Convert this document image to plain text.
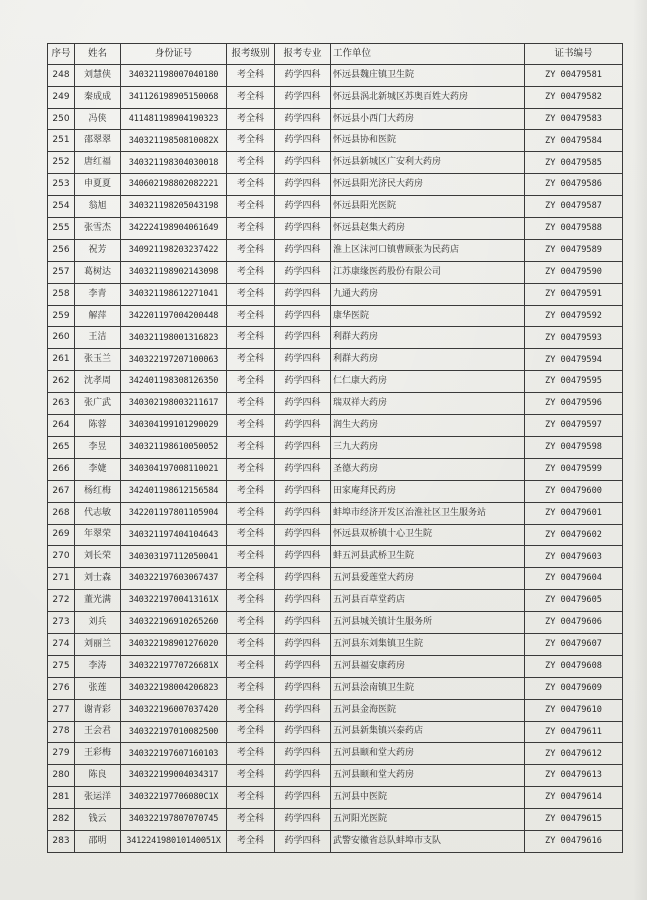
序号	姓名	身份证号	报考级别	报考专业	工作单位	证书编号
248	刘慧侠	340321198007040180	考全科	药学四科	怀远县魏庄镇卫生院	ZY 00479581
249	秦成成	341126198905150068	考全科	药学四科	怀远县涡北新城区苏奥百姓大药房	ZY 00479582
250	冯侠	411481198904190323	考全科	药学四科	怀远县小西门大药房	ZY 00479583
251	邵翠翠	34032119850810082X	考全科	药学四科	怀远县协和医院	ZY 00479584
252	唐红福	340321198304030018	考全科	药学四科	怀远县新城区广安利大药房	ZY 00479585
253	申夏夏	340602198802082221	考全科	药学四科	怀远县阳光济民大药房	ZY 00479586
254	翁旭	340321198205043198	考全科	药学四科	怀远县阳光医院	ZY 00479587
255	张雪杰	342224198904061649	考全科	药学四科	怀远县赵集大药房	ZY 00479588
256	祝芳	340921198203237422	考全科	药学四科	淮上区沫河口镇曹顾张为民药店	ZY 00479589
257	葛树达	340321198902143098	考全科	药学四科	江苏康缘医药股份有限公司	ZY 00479590
258	李青	340321198612271041	考全科	药学四科	九通大药房	ZY 00479591
259	解萍	342201197004200448	考全科	药学四科	康华医院	ZY 00479592
260	王洁	340321198001316823	考全科	药学四科	利群大药房	ZY 00479593
261	张玉兰	340322197207100063	考全科	药学四科	利群大药房	ZY 00479594
262	沈孝周	342401198308126350	考全科	药学四科	仁仁康大药房	ZY 00479595
263	张广武	340302198003211617	考全科	药学四科	瑞双祥大药房	ZY 00479596
264	陈蓉	340304199101290029	考全科	药学四科	润生大药房	ZY 00479597
265	李昱	340321198610050052	考全科	药学四科	三九大药房	ZY 00479598
266	李婕	340304197008110021	考全科	药学四科	圣德大药房	ZY 00479599
267	杨红梅	342401198612156584	考全科	药学四科	田家庵拜民药房	ZY 00479600
268	代志敏	342201197801105904	考全科	药学四科	蚌埠市经济开发区治淮社区卫生服务站	ZY 00479601
269	年翠荣	340321197404104643	考全科	药学四科	怀远县双桥镇十心卫生院	ZY 00479602
270	刘长荣	340303197112050041	考全科	药学四科	蚌五河县武桥卫生院	ZY 00479603
271	刘士森	340322197603067437	考全科	药学四科	五河县爱莲堂大药房	ZY 00479604
272	董光满	34032219700413161X	考全科	药学四科	五河县百草堂药店	ZY 00479605
273	刘兵	340322196910265260	考全科	药学四科	五河县城关镇计生服务所	ZY 00479606
274	刘丽兰	340322198901276020	考全科	药学四科	五河县东刘集镇卫生院	ZY 00479607
275	李涛	34032219770726681X	考全科	药学四科	五河县福安康药房	ZY 00479608
276	张莲	340322198004206823	考全科	药学四科	五河县浍南镇卫生院	ZY 00479609
277	谢青彩	340322196007037420	考全科	药学四科	五河县金海医院	ZY 00479610
278	王会君	340322197010082500	考全科	药学四科	五河县新集镇兴泰药店	ZY 00479611
279	王彩梅	340322197607160103	考全科	药学四科	五河县颐和堂大药房	ZY 00479612
280	陈良	340322199004034317	考全科	药学四科	五河县颐和堂大药房	ZY 00479613
281	张运洋	340322197706080C1X	考全科	药学四科	五河县中医院	ZY 00479614
282	钱云	340322197807070745	考全科	药学四科	五河阳光医院	ZY 00479615
283	邵明	341224198010140051X	考全科	药学四科	武警安徽省总队蚌埠市支队	ZY 00479616
